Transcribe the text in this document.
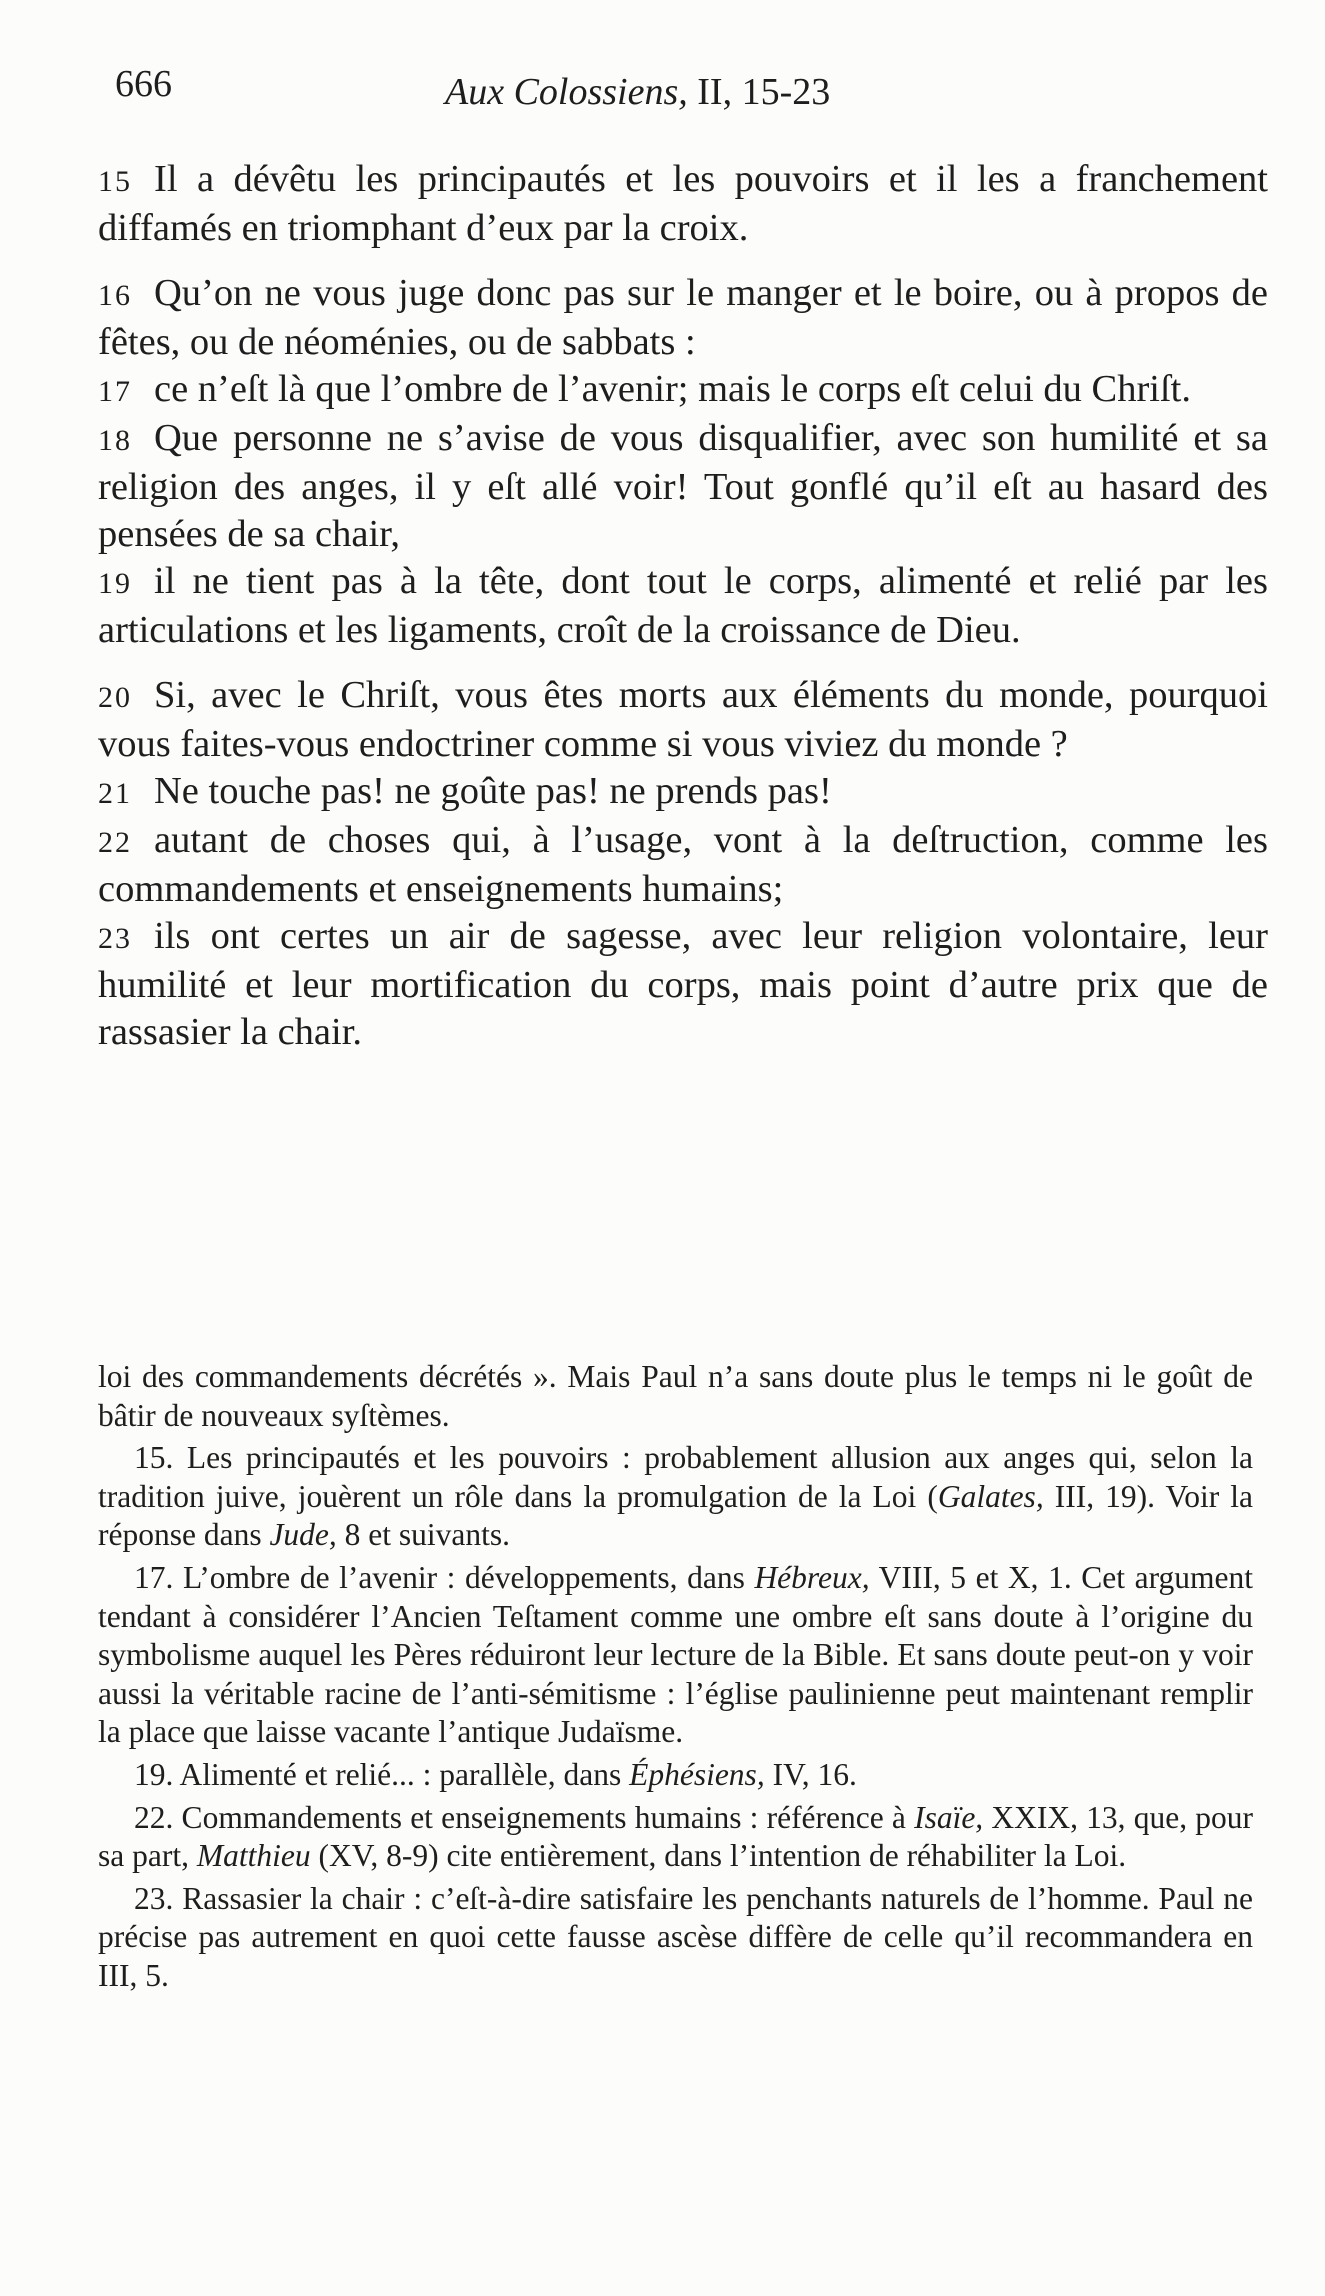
666	Aux Colossiens, II, 15-23

15 Il a dévêtu les principautés et les pouvoirs et il les a franchement diffamés en triomphant d’eux par la croix.

16 Qu’on ne vous juge donc pas sur le manger et le boire, ou à propos de fêtes, ou de néoménies, ou de sabbats :

17 ce n’eſt là que l’ombre de l’avenir; mais le corps eſt celui du Chriſt.

18 Que personne ne s’avise de vous disqualifier, avec son humilité et sa religion des anges, il y eſt allé voir! Tout gonflé qu’il eſt au hasard des pensées de sa chair,

19 il ne tient pas à la tête, dont tout le corps, alimenté et relié par les articulations et les ligaments, croît de la croissance de Dieu.

20 Si, avec le Chriſt, vous êtes morts aux éléments du monde, pourquoi vous faites-vous endoctriner comme si vous viviez du monde ?

21 Ne touche pas! ne goûte pas! ne prends pas!

22 autant de choses qui, à l’usage, vont à la deſtruction, comme les commandements et enseignements humains;

23 ils ont certes un air de sagesse, avec leur religion volontaire, leur humilité et leur mortification du corps, mais point d’autre prix que de rassasier la chair.

loi des commandements décrétés ». Mais Paul n’a sans doute plus le temps ni le goût de bâtir de nouveaux syſtèmes.

15. Les principautés et les pouvoirs : probablement allusion aux anges qui, selon la tradition juive, jouèrent un rôle dans la promulgation de la Loi (Galates, III, 19). Voir la réponse dans Jude, 8 et suivants.

17. L’ombre de l’avenir : développements, dans Hébreux, VIII, 5 et X, 1. Cet argument tendant à considérer l’Ancien Teſtament comme une ombre eſt sans doute à l’origine du symbolisme auquel les Pères réduiront leur lecture de la Bible. Et sans doute peut-on y voir aussi la véritable racine de l’anti-sémitisme : l’église paulinienne peut maintenant remplir la place que laisse vacante l’antique Judaïsme.

19. Alimenté et relié... : parallèle, dans Éphésiens, IV, 16.

22. Commandements et enseignements humains : référence à Isaïe, XXIX, 13, que, pour sa part, Matthieu (XV, 8-9) cite entièrement, dans l’intention de réhabiliter la Loi.

23. Rassasier la chair : c’eſt-à-dire satisfaire les penchants naturels de l’homme. Paul ne précise pas autrement en quoi cette fausse ascèse diffère de celle qu’il recommandera en III, 5.
